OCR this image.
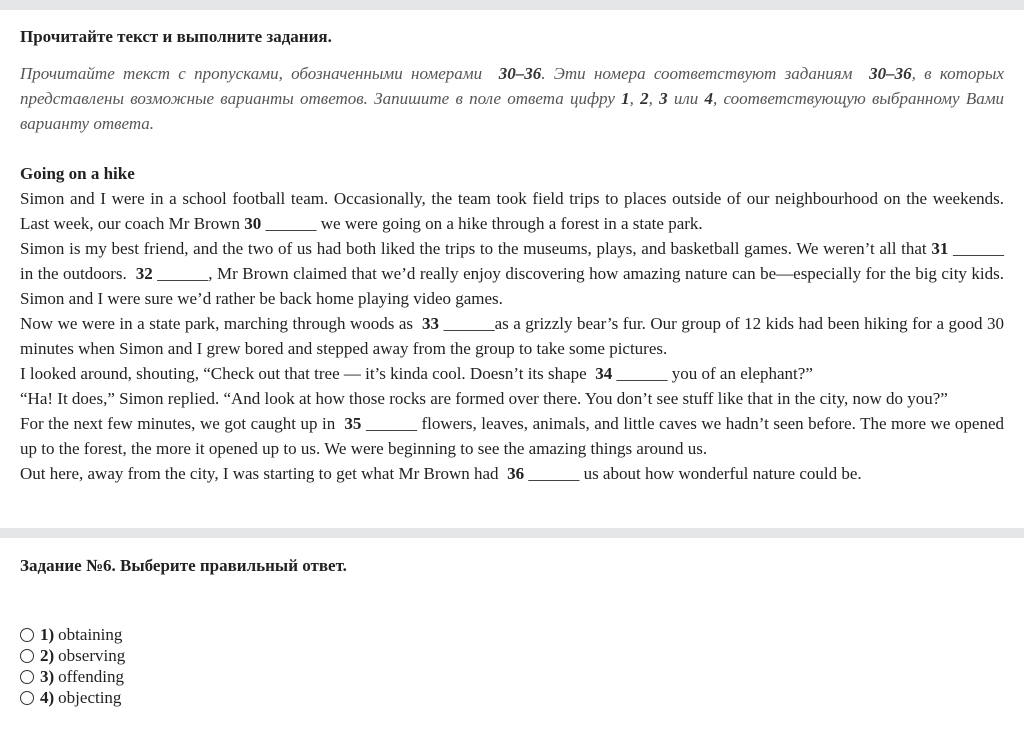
Прочитайте текст и выполните задания.
Прочитайте текст с пропусками, обозначенными номерами 30–36. Эти номера соответствуют заданиям 30–36, в которых представлены возможные варианты ответов. Запишите в поле ответа цифру 1, 2, 3 или 4, соответствующую выбранному Вами варианту ответа.
Going on a hike

Simon and I were in a school football team. Occasionally, the team took field trips to places outside of our neighbourhood on the weekends. Last week, our coach Mr Brown 30 ______ we were going on a hike through a forest in a state park.

Simon is my best friend, and the two of us had both liked the trips to the museums, plays, and basketball games. We weren’t all that 31 ______ in the outdoors. 32 ______, Mr Brown claimed that we’d really enjoy discovering how amazing nature can be—especially for the big city kids. Simon and I were sure we’d rather be back home playing video games.

Now we were in a state park, marching through woods as 33 ______as a grizzly bear’s fur. Our group of 12 kids had been hiking for a good 30 minutes when Simon and I grew bored and stepped away from the group to take some pictures.

I looked around, shouting, “Check out that tree — it’s kinda cool. Doesn’t its shape 34 ______ you of an elephant?”

“Ha! It does,” Simon replied. “And look at how those rocks are formed over there. You don’t see stuff like that in the city, now do you?”

For the next few minutes, we got caught up in 35 ______ flowers, leaves, animals, and little caves we hadn’t seen before. The more we opened up to the forest, the more it opened up to us. We were beginning to see the amazing things around us.

Out here, away from the city, I was starting to get what Mr Brown had 36 ______ us about how wonderful nature could be.

Задание №6. Выберите правильный ответ.
1) obtaining
2) observing
3) offending
4) objecting
